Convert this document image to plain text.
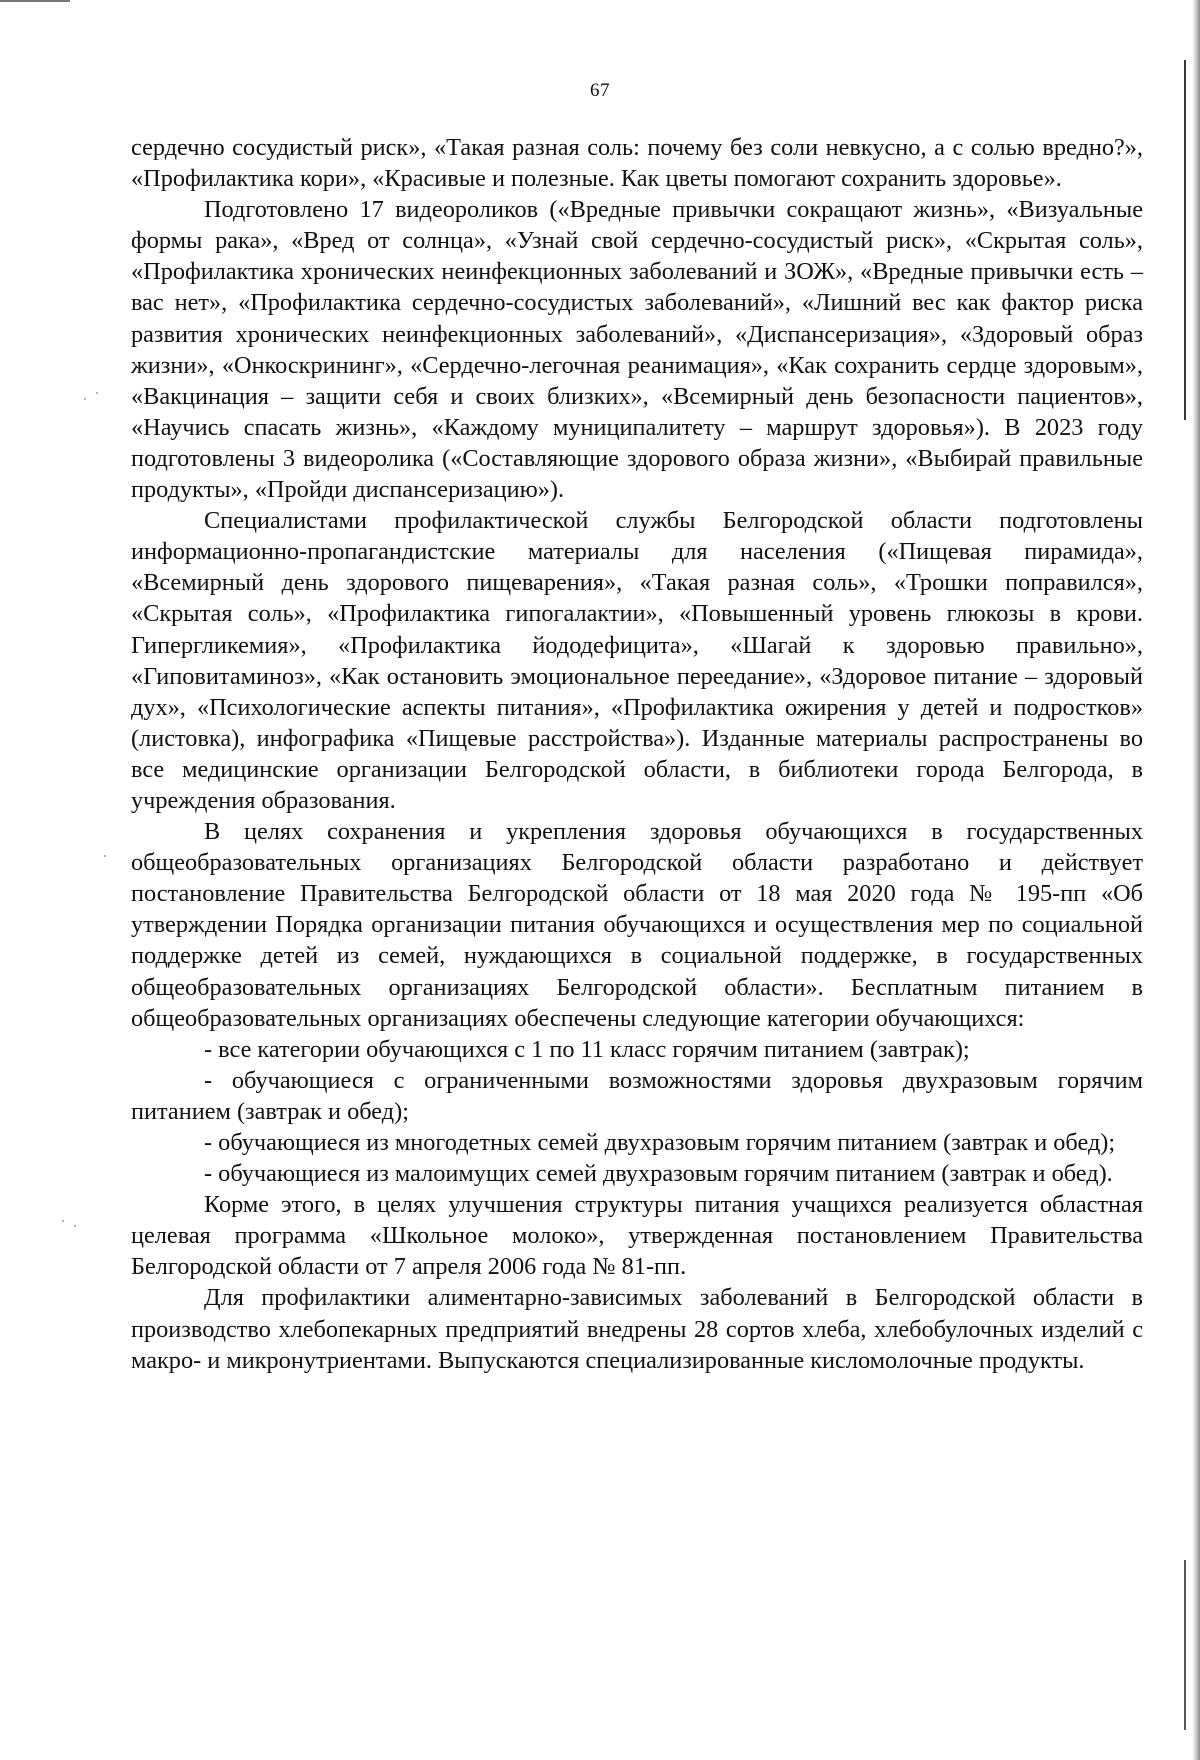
67

сердечно сосудистый риск», «Такая разная соль: почему без соли невкусно, а с солью вредно?», «Профилактика кори», «Красивые и полезные. Как цветы помогают сохранить здоровье».

Подготовлено 17 видеороликов («Вредные привычки сокращают жизнь», «Визуальные формы рака», «Вред от солнца», «Узнай свой сердечно-сосудистый риск», «Скрытая соль», «Профилактика хронических неинфекционных заболеваний и ЗОЖ», «Вредные привычки есть – вас нет», «Профилактика сердечно-сосудистых заболеваний», «Лишний вес как фактор риска развития хронических неинфекционных заболеваний», «Диспансеризация», «Здоровый образ жизни», «Онкоскрининг», «Сердечно-легочная реанимация», «Как сохранить сердце здоровым», «Вакцинация – защити себя и своих близких», «Всемирный день безопасности пациентов», «Научись спасать жизнь», «Каждому муниципалитету – маршрут здоровья»). В 2023 году подготовлены 3 видеоролика («Составляющие здорового образа жизни», «Выбирай правильные продукты», «Пройди диспансеризацию»).

Специалистами профилактической службы Белгородской области подготовлены информационно-пропагандистские материалы для населения («Пищевая пирамида», «Всемирный день здорового пищеварения», «Такая разная соль», «Трошки поправился», «Скрытая соль», «Профилактика гипогалактии», «Повышенный уровень глюкозы в крови. Гипергликемия», «Профилактика йододефицита», «Шагай к здоровью правильно», «Гиповитаминоз», «Как остановить эмоциональное переедание», «Здоровое питание – здоровый дух», «Психологические аспекты питания», «Профилактика ожирения у детей и подростков» (листовка), инфографика «Пищевые расстройства»). Изданные материалы распространены во все медицинские организации Белгородской области, в библиотеки города Белгорода, в учреждения образования.

В целях сохранения и укрепления здоровья обучающихся в государственных общеобразовательных организациях Белгородской области разработано и действует постановление Правительства Белгородской области от 18 мая 2020 года № 195-пп «Об утверждении Порядка организации питания обучающихся и осуществления мер по социальной поддержке детей из семей, нуждающихся в социальной поддержке, в государственных общеобразовательных организациях Белгородской области». Бесплатным питанием в общеобразовательных организациях обеспечены следующие категории обучающихся:

- все категории обучающихся с 1 по 11 класс горячим питанием (завтрак);

- обучающиеся с ограниченными возможностями здоровья двухразовым горячим питанием (завтрак и обед);

- обучающиеся из многодетных семей двухразовым горячим питанием (завтрак и обед);

- обучающиеся из малоимущих семей двухразовым горячим питанием (завтрак и обед).

Корме этого, в целях улучшения структуры питания учащихся реализуется областная целевая программа «Школьное молоко», утвержденная постановлением Правительства Белгородской области от 7 апреля 2006 года № 81-пп.

Для профилактики алиментарно-зависимых заболеваний в Белгородской области в производство хлебопекарных предприятий внедрены 28 сортов хлеба, хлебобулочных изделий с макро- и микронутриентами. Выпускаются специализированные кисломолочные продукты.
